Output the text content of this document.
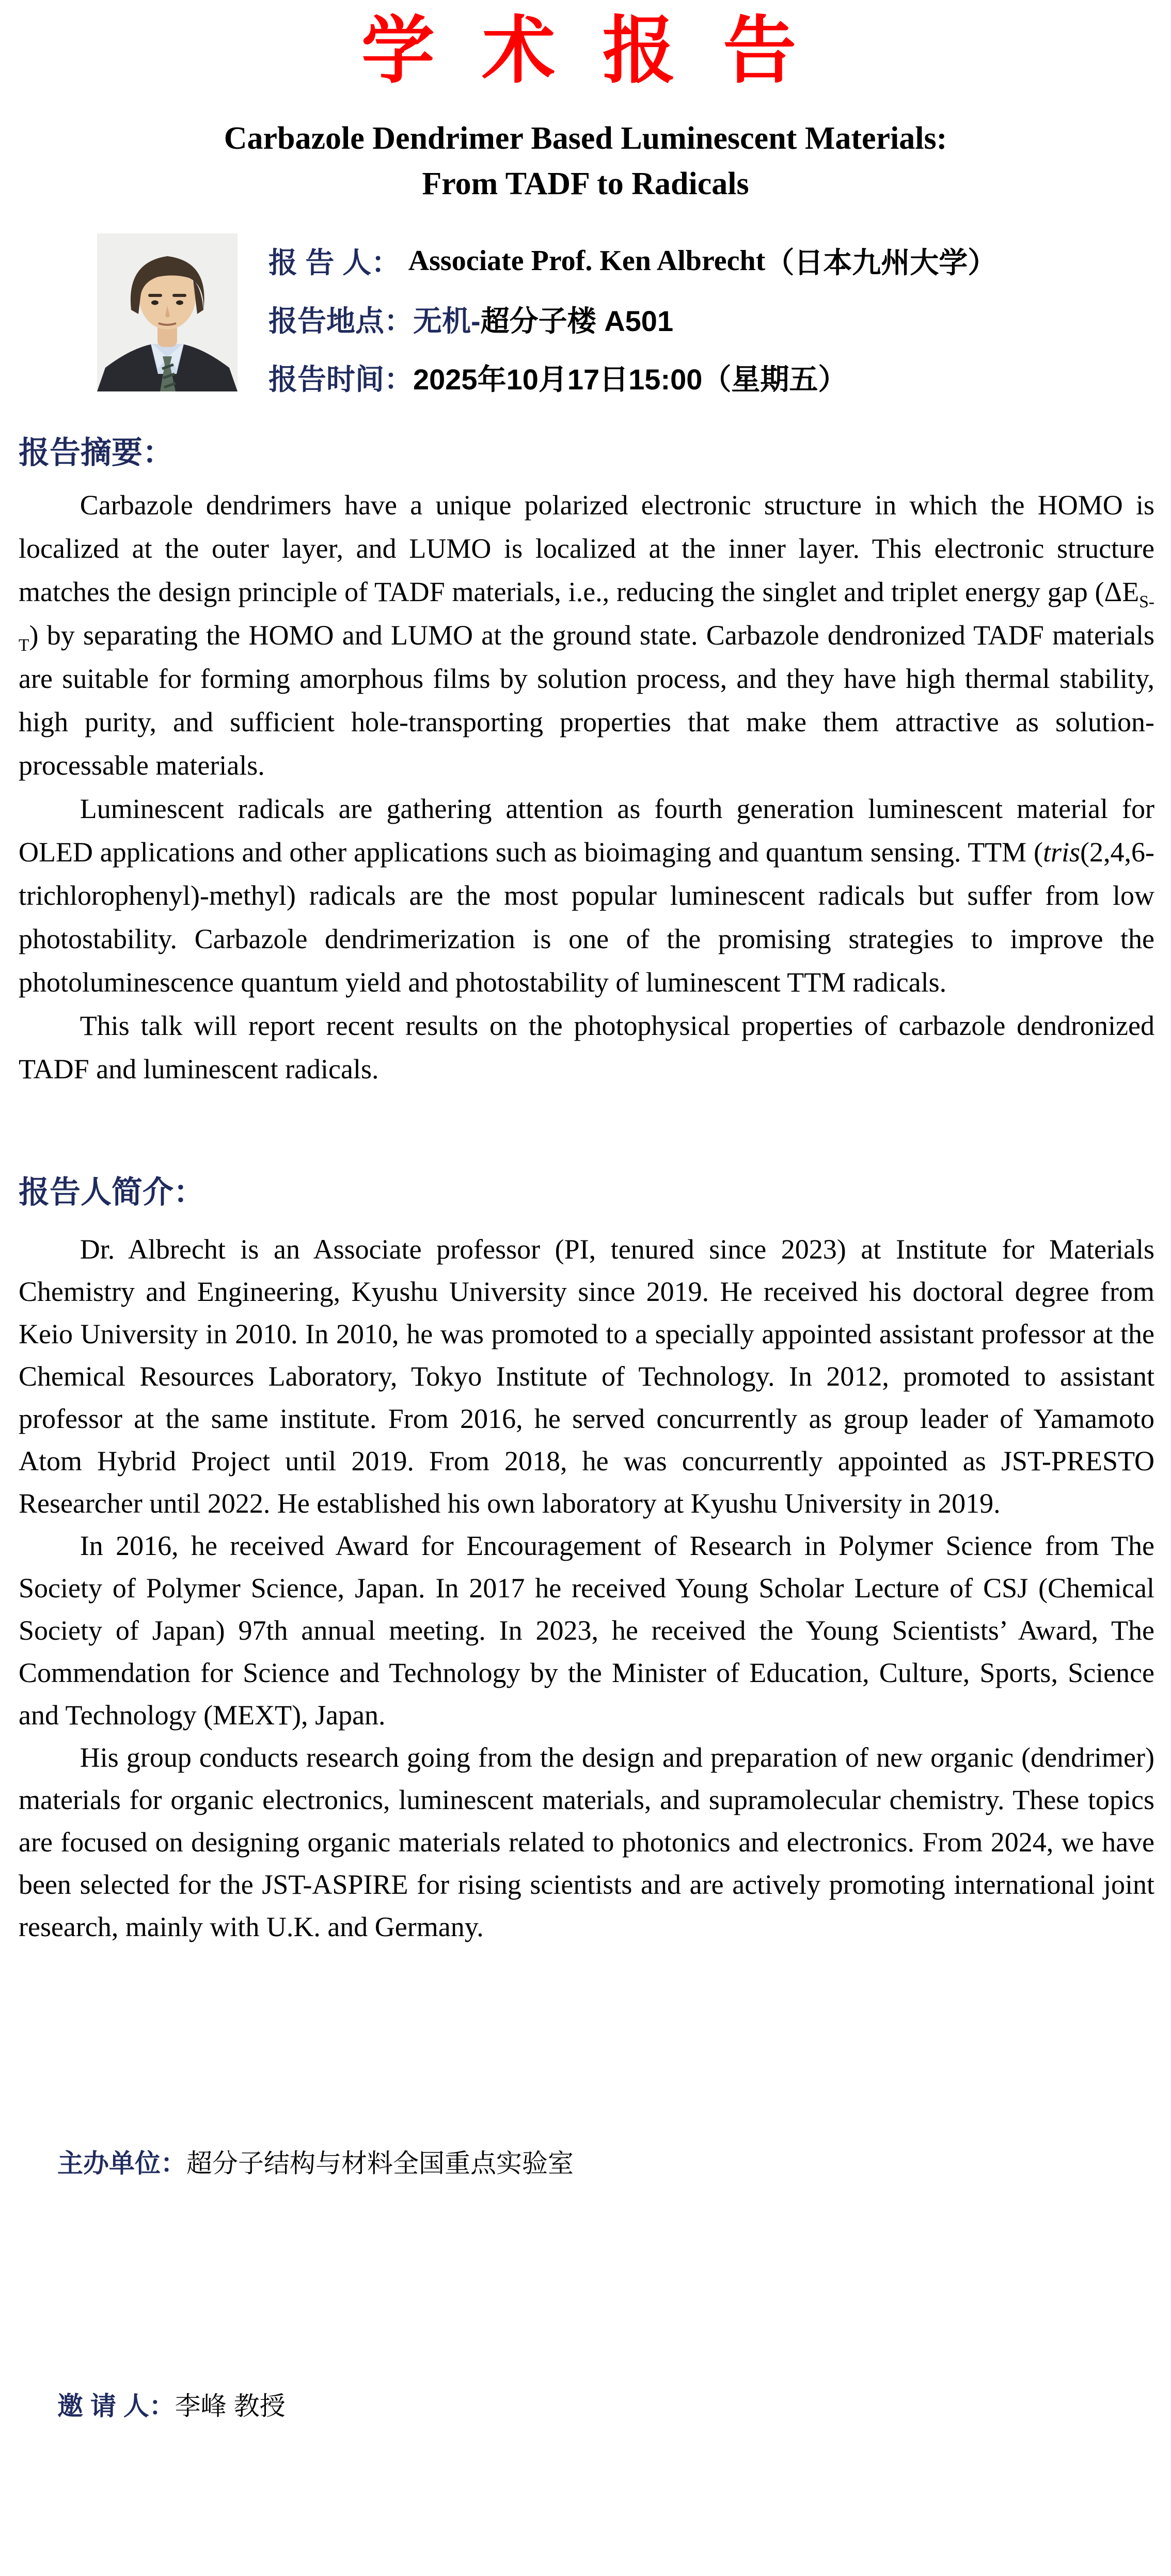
学 术 报 告
Carbazole Dendrimer Based Luminescent Materials:
From TADF to Radicals
报 告 人： Associate Prof. Ken Albrecht （日本九州大学）
报告地点： 无机- 超分子楼 A501
报告时间： 2025年10月17日15:00（星期五）
报告摘要：

Carbazole dendrimers have a unique polarized electronic structure in which the HOMO is localized at the outer layer, and LUMO is localized at the inner layer. This electronic structure matches the design principle of TADF materials, i.e., reducing the singlet and triplet energy gap $(\Delta E_{S-T})$ by separating the HOMO and LUMO at the ground state. Carbazole dendronized TADF materials are suitable for forming amorphous films by solution process, and they have high thermal stability, high purity, and sufficient hole-transporting properties that make them attractive as solution-processable materials.

Luminescent radicals are gathering attention as fourth generation luminescent material for OLED applications and other applications such as bioimaging and quantum sensing. TTM (tris(2,4,6-trichlorophenyl)-methyl) radicals are the most popular luminescent radicals but suffer from low photostability. Carbazole dendrimerization is one of the promising strategies to improve the photoluminescence quantum yield and photostability of luminescent TTM radicals.

This talk will report recent results on the photophysical properties of carbazole dendronized TADF and luminescent radicals.

报告人简介：

Dr. Albrecht is an Associate professor (PI, tenured since 2023) at Institute for Materials Chemistry and Engineering, Kyushu University since 2019. He received his doctoral degree from Keio University in 2010. In 2010, he was promoted to a specially appointed assistant professor at the Chemical Resources Laboratory, Tokyo Institute of Technology. In 2012, promoted to assistant professor at the same institute. From 2016, he served concurrently as group leader of Yamamoto Atom Hybrid Project until 2019. From 2018, he was concurrently appointed as JST-PRESTO Researcher until 2022. He established his own laboratory at Kyushu University in 2019.

In 2016, he received Award for Encouragement of Research in Polymer Science from The Society of Polymer Science, Japan. In 2017 he received Young Scholar Lecture of CSJ (Chemical Society of Japan) 97th annual meeting. In 2023, he received the Young Scientists’ Award, The Commendation for Science and Technology by the Minister of Education, Culture, Sports, Science and Technology (MEXT), Japan.

His group conducts research going from the design and preparation of new organic (dendrimer) materials for organic electronics, luminescent materials, and supramolecular chemistry. These topics are focused on designing organic materials related to photonics and electronics. From 2024, we have been selected for the JST-ASPIRE for rising scientists and are actively promoting international joint research, mainly with U.K. and Germany.

主办单位：超分子结构与材料全国重点实验室

邀 请 人：李峰 教授
